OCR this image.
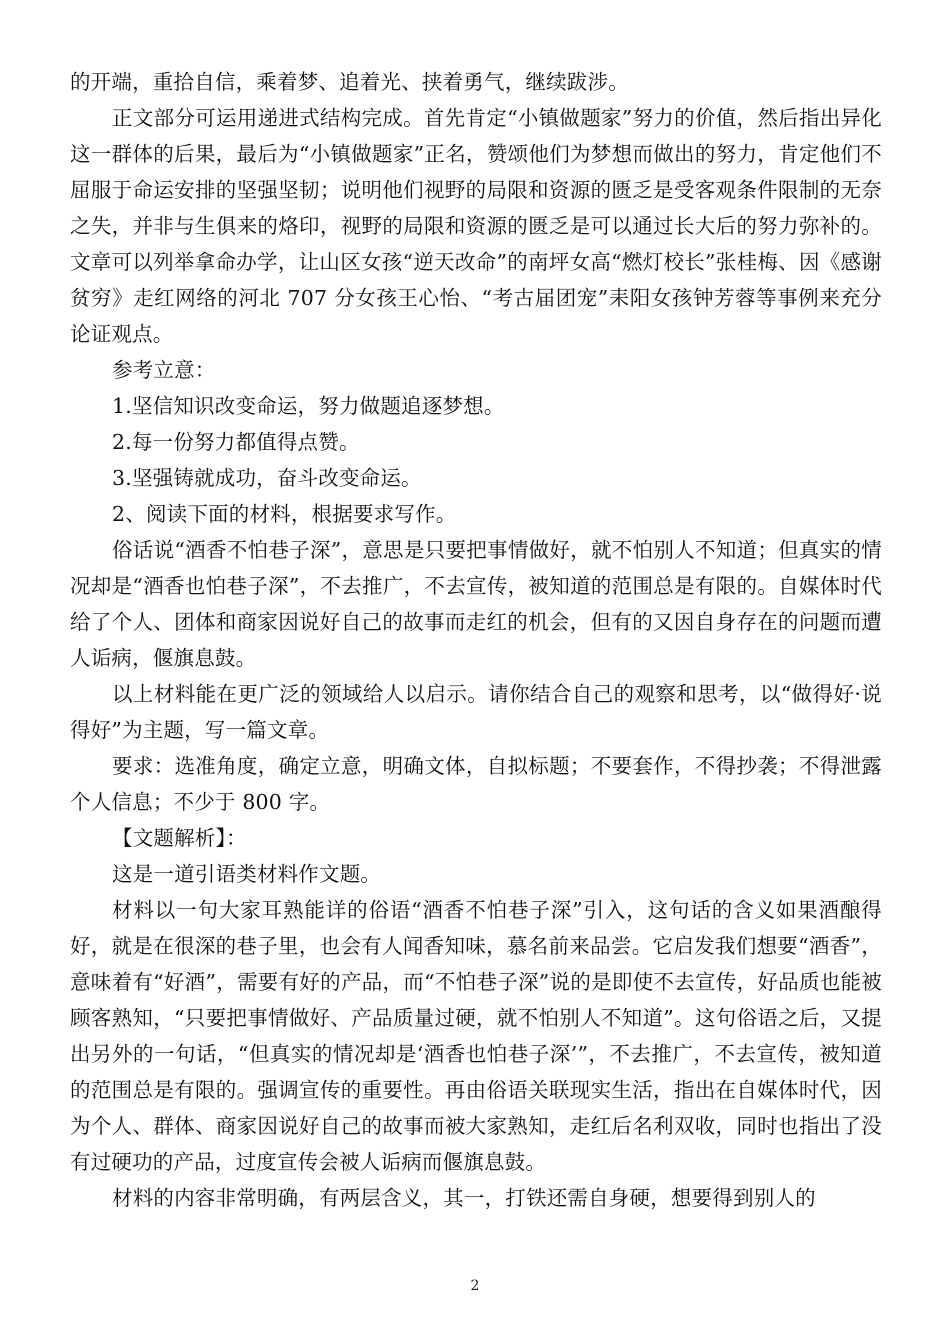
的开端，重拾自信，乘着梦、追着光、挟着勇气，继续跋涉。

正文部分可运用递进式结构完成。首先肯定“小镇做题家”努力的价值，然后指出异化这一群体的后果，最后为“小镇做题家”正名，赞颂他们为梦想而做出的努力，肯定他们不屈服于命运安排的坚强坚韧；说明他们视野的局限和资源的匮乏是受客观条件限制的无奈之失，并非与生俱来的烙印，视野的局限和资源的匮乏是可以通过长大后的努力弥补的。文章可以列举拿命办学，让山区女孩“逆天改命”的南坪女高“燃灯校长”张桂梅、因《感谢贫穷》走红网络的河北 707 分女孩王心怡、“考古届团宠”耒阳女孩钟芳蓉等事例来充分论证观点。

参考立意：

1.坚信知识改变命运，努力做题追逐梦想。

2.每一份努力都值得点赞。

3.坚强铸就成功，奋斗改变命运。

2、阅读下面的材料，根据要求写作。

俗话说“酒香不怕巷子深”，意思是只要把事情做好，就不怕别人不知道；但真实的情况却是“酒香也怕巷子深”，不去推广，不去宣传，被知道的范围总是有限的。自媒体时代给了个人、团体和商家因说好自己的故事而走红的机会，但有的又因自身存在的问题而遭人诟病，偃旗息鼓。

以上材料能在更广泛的领域给人以启示。请你结合自己的观察和思考，以“做得好·说得好”为主题，写一篇文章。

要求：选准角度，确定立意，明确文体，自拟标题；不要套作，不得抄袭；不得泄露个人信息；不少于 800 字。

【文题解析】：

这是一道引语类材料作文题。

材料以一句大家耳熟能详的俗语“酒香不怕巷子深”引入，这句话的含义如果酒酿得好，就是在很深的巷子里，也会有人闻香知味，慕名前来品尝。它启发我们想要“酒香”，意味着有“好酒”，需要有好的产品，而“不怕巷子深”说的是即使不去宣传，好品质也能被顾客熟知，“只要把事情做好、产品质量过硬，就不怕别人不知道”。这句俗语之后，又提出另外的一句话，“但真实的情况却是‘酒香也怕巷子深’”，不去推广，不去宣传，被知道的范围总是有限的。强调宣传的重要性。再由俗语关联现实生活，指出在自媒体时代，因为个人、群体、商家因说好自己的故事而被大家熟知，走红后名利双收，同时也指出了没有过硬功的产品，过度宣传会被人诟病而偃旗息鼓。

材料的内容非常明确，有两层含义，其一，打铁还需自身硬，想要得到别人的

2
